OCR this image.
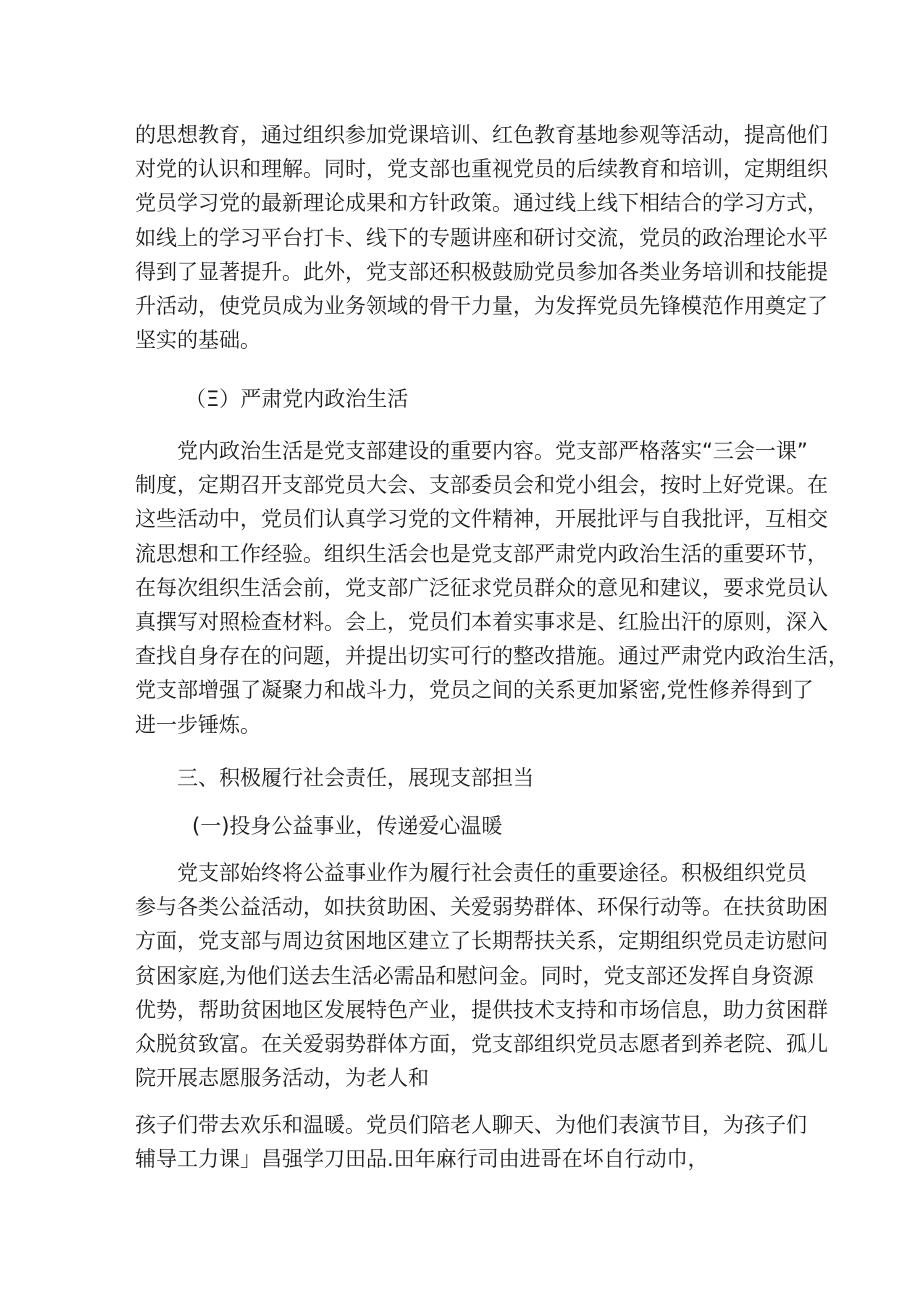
的思想教育，通过组织参加党课培训、红色教育基地参观等活动，提高他们
对党的认识和理解。同时，党支部也重视党员的后续教育和培训，定期组织
党员学习党的最新理论成果和方针政策。通过线上线下相结合的学习方式，
如线上的学习平台打卡、线下的专题讲座和研讨交流，党员的政治理论水平
得到了显著提升。此外，党支部还积极鼓励党员参加各类业务培训和技能提
升活动，使党员成为业务领域的骨干力量，为发挥党员先锋模范作用奠定了
坚实的基础。
（Ξ）严肃党内政治生活
党内政治生活是党支部建设的重要内容。党支部严格落实“三会一课”
制度，定期召开支部党员大会、支部委员会和党小组会，按时上好党课。在
这些活动中，党员们认真学习党的文件精神，开展批评与自我批评，互相交
流思想和工作经验。组织生活会也是党支部严肃党内政治生活的重要环节，
在每次组织生活会前，党支部广泛征求党员群众的意见和建议，要求党员认
真撰写对照检查材料。会上，党员们本着实事求是、红脸出汗的原则，深入
查找自身存在的问题，并提出切实可行的整改措施。通过严肃党内政治生活，
党支部增强了凝聚力和战斗力，党员之间的关系更加紧密,党性修养得到了
进一步锤炼。
三、积极履行社会责任，展现支部担当
(一)投身公益事业，传递爱心温暖
党支部始终将公益事业作为履行社会责任的重要途径。积极组织党员
参与各类公益活动，如扶贫助困、关爱弱势群体、环保行动等。在扶贫助困
方面，党支部与周边贫困地区建立了长期帮扶关系，定期组织党员走访慰问
贫困家庭,为他们送去生活必需品和慰问金。同时，党支部还发挥自身资源
优势，帮助贫困地区发展特色产业，提供技术支持和市场信息，助力贫困群
众脱贫致富。在关爱弱势群体方面，党支部组织党员志愿者到养老院、孤儿
院开展志愿服务活动，为老人和
孩子们带去欢乐和温暖。党员们陪老人聊天、为他们表演节目，为孩子们
辅导工力课」昌强学刀田品.田年麻行司由进哥在坏自行动巾，
